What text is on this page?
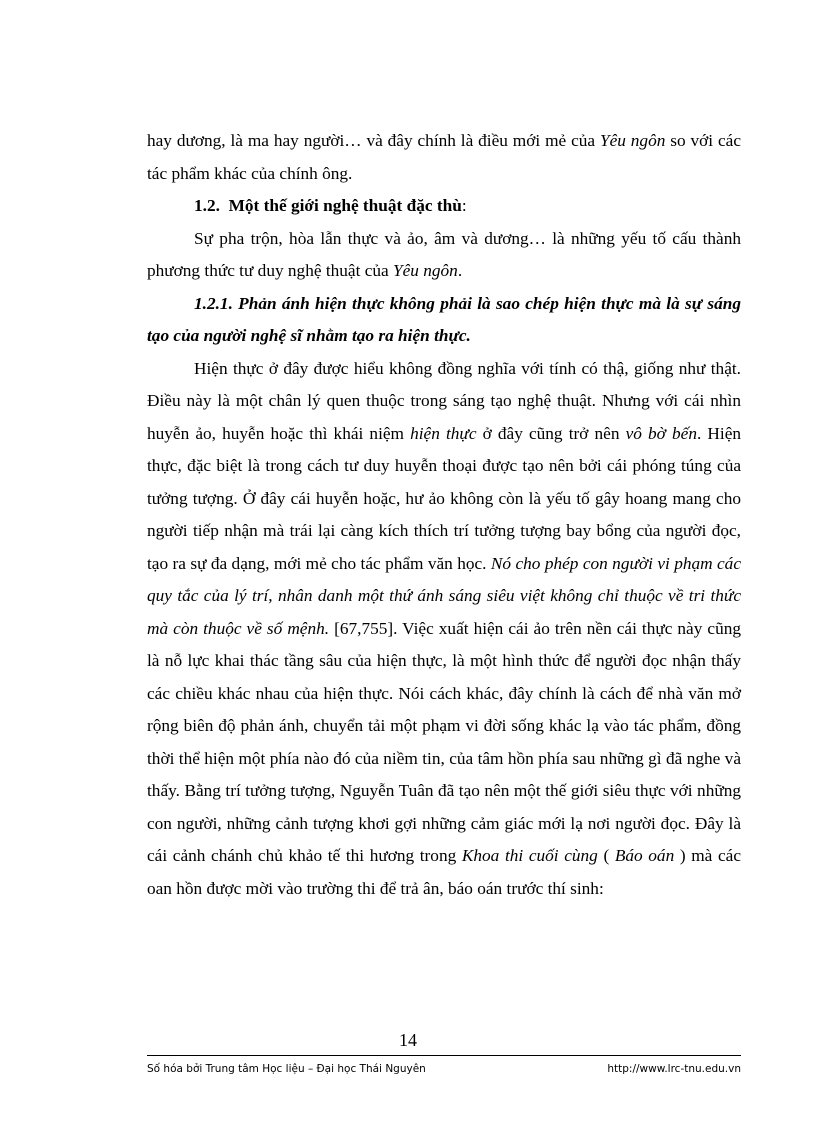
hay dương, là ma hay người… và đây chính là điều mới mẻ của Yêu ngôn so với các tác phẩm khác của chính ông.

1.2. Một thế giới nghệ thuật đặc thù:

Sự pha trộn, hòa lẫn thực và ảo, âm và dương… là những yếu tố cấu thành phương thức tư duy nghệ thuật của Yêu ngôn.

1.2.1. Phản ánh hiện thực không phải là sao chép hiện thực mà là sự sáng tạo của người nghệ sĩ nhằm tạo ra hiện thực.

Hiện thực ở đây được hiểu không đồng nghĩa với tính có thậ, giống như thật. Điều này là một chân lý quen thuộc trong sáng tạo nghệ thuật. Nhưng với cái nhìn huyễn ảo, huyễn hoặc thì khái niệm hiện thực ở đây cũng trở nên vô bờ bến. Hiện thực, đặc biệt là trong cách tư duy huyễn thoại được tạo nên bởi cái phóng túng của tưởng tượng. Ở đây cái huyễn hoặc, hư ảo không còn là yếu tố gây hoang mang cho người tiếp nhận mà trái lại càng kích thích trí tưởng tượng bay bổng của người đọc, tạo ra sự đa dạng, mới mẻ cho tác phẩm văn học. Nó cho phép con người vi phạm các quy tắc của lý trí, nhân danh một thứ ánh sáng siêu việt không chỉ thuộc về tri thức mà còn thuộc về số mệnh. [67,755]. Việc xuất hiện cái ảo trên nền cái thực này cũng là nỗ lực khai thác tầng sâu của hiện thực, là một hình thức để người đọc nhận thấy các chiều khác nhau của hiện thực. Nói cách khác, đây chính là cách để nhà văn mở rộng biên độ phản ánh, chuyển tải một phạm vi đời sống khác lạ vào tác phẩm, đồng thời thể hiện một phía nào đó của niềm tin, của tâm hồn phía sau những gì đã nghe và thấy. Bằng trí tưởng tượng, Nguyễn Tuân đã tạo nên một thế giới siêu thực với những con người, những cảnh tượng khơi gợi những cảm giác mới lạ nơi người đọc. Đây là cái cảnh chánh chủ khảo tế thi hương trong Khoa thi cuối cùng ( Báo oán ) mà các oan hồn được mời vào trường thi để trả ân, báo oán trước thí sinh:

14
Số hóa bởi Trung tâm Học liệu – Đại học Thái Nguyên	http://www.lrc-tnu.edu.vn
